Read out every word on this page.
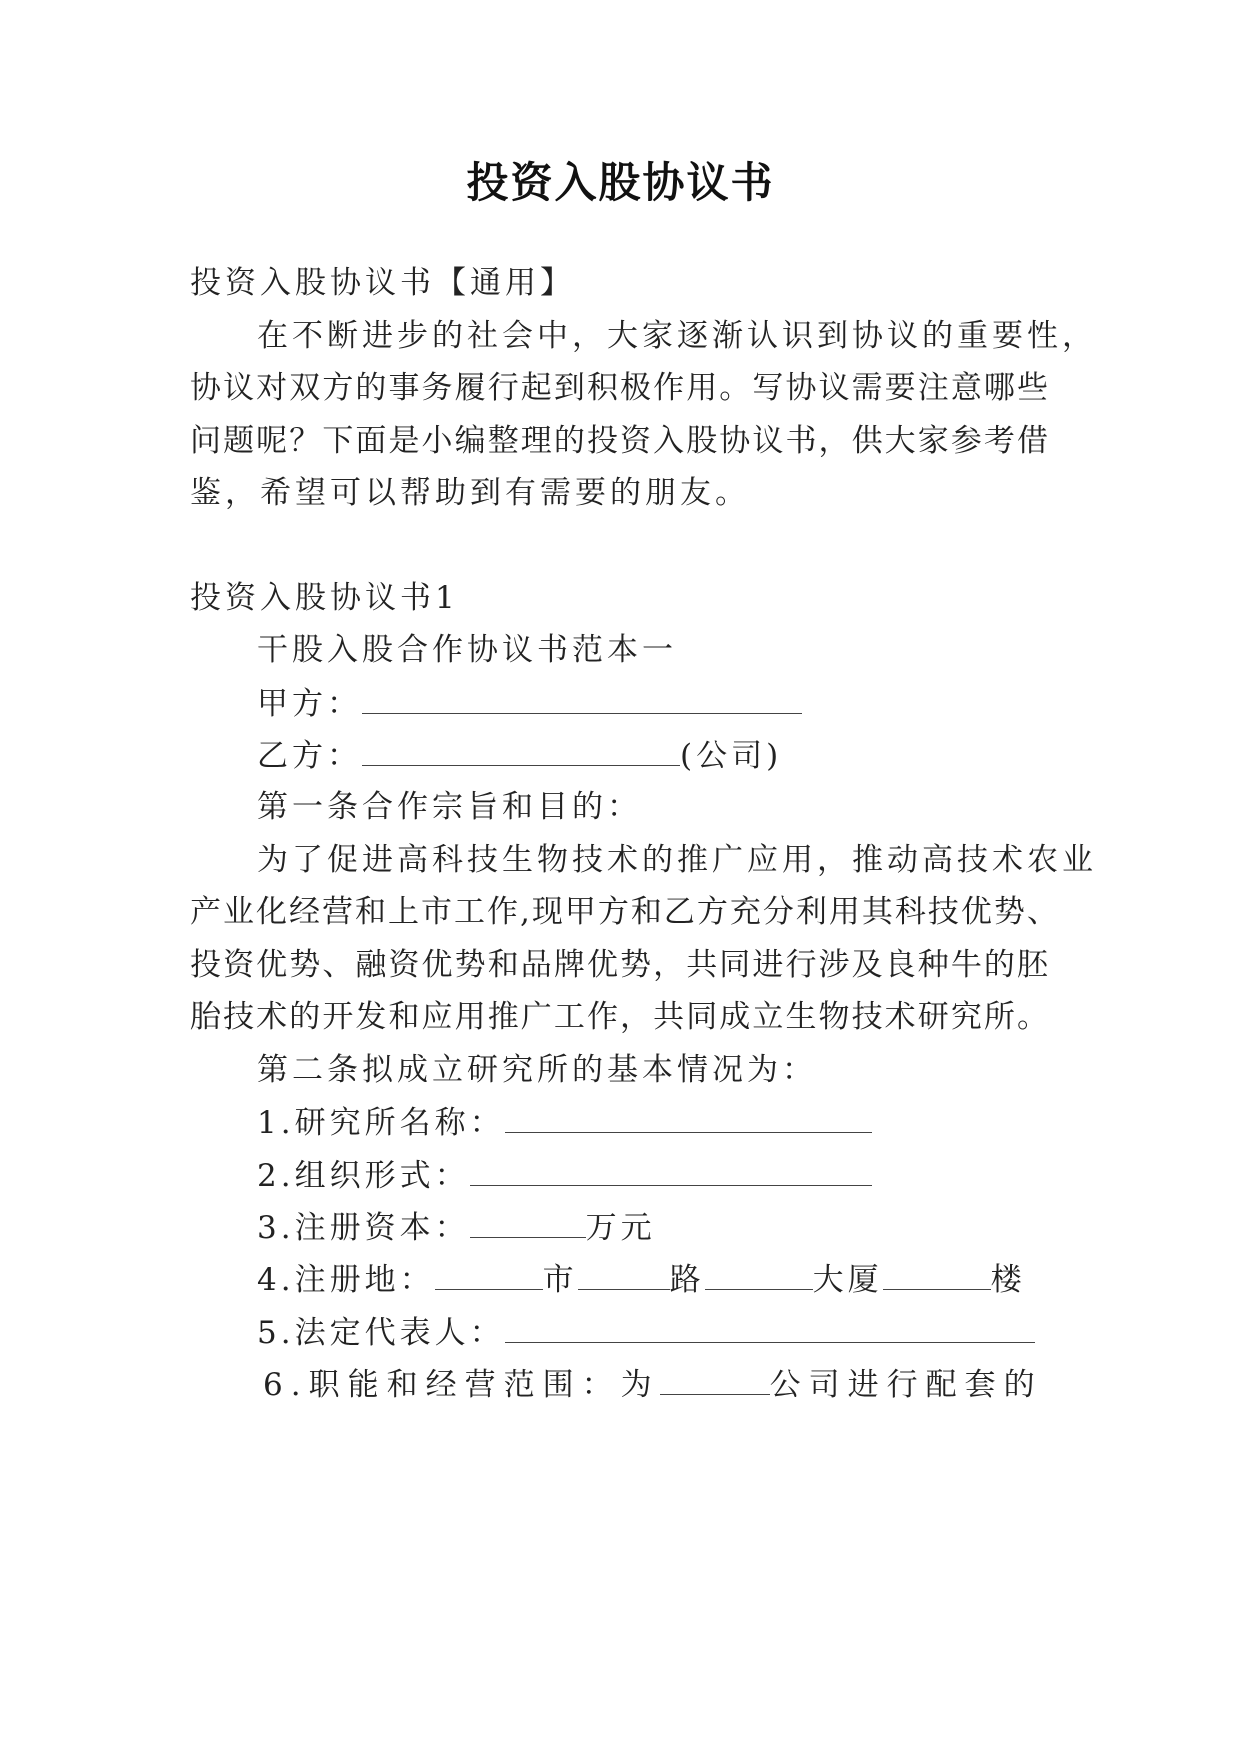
投资入股协议书
投资入股协议书【通用】
在不断进步的社会中，大家逐渐认识到协议的重要性，
协议对双方的事务履行起到积极作用。写协议需要注意哪些
问题呢？下面是小编整理的投资入股协议书，供大家参考借
鉴，希望可以帮助到有需要的朋友。
投资入股协议书1
干股入股合作协议书范本一
甲方：
乙方：	(公司)
第一条合作宗旨和目的：
为了促进高科技生物技术的推广应用，推动高技术农业
产业化经营和上市工作,现甲方和乙方充分利用其科技优势、
投资优势、融资优势和品牌优势，共同进行涉及良种牛的胚
胎技术的开发和应用推广工作，共同成立生物技术研究所。
第二条拟成立研究所的基本情况为：
1.研究所名称：
2.组织形式：
3.注册资本：	万元
4.注册地：	市	路	大厦	楼
5.法定代表人：
6.职能和经营范围：为	公司进行配套的
